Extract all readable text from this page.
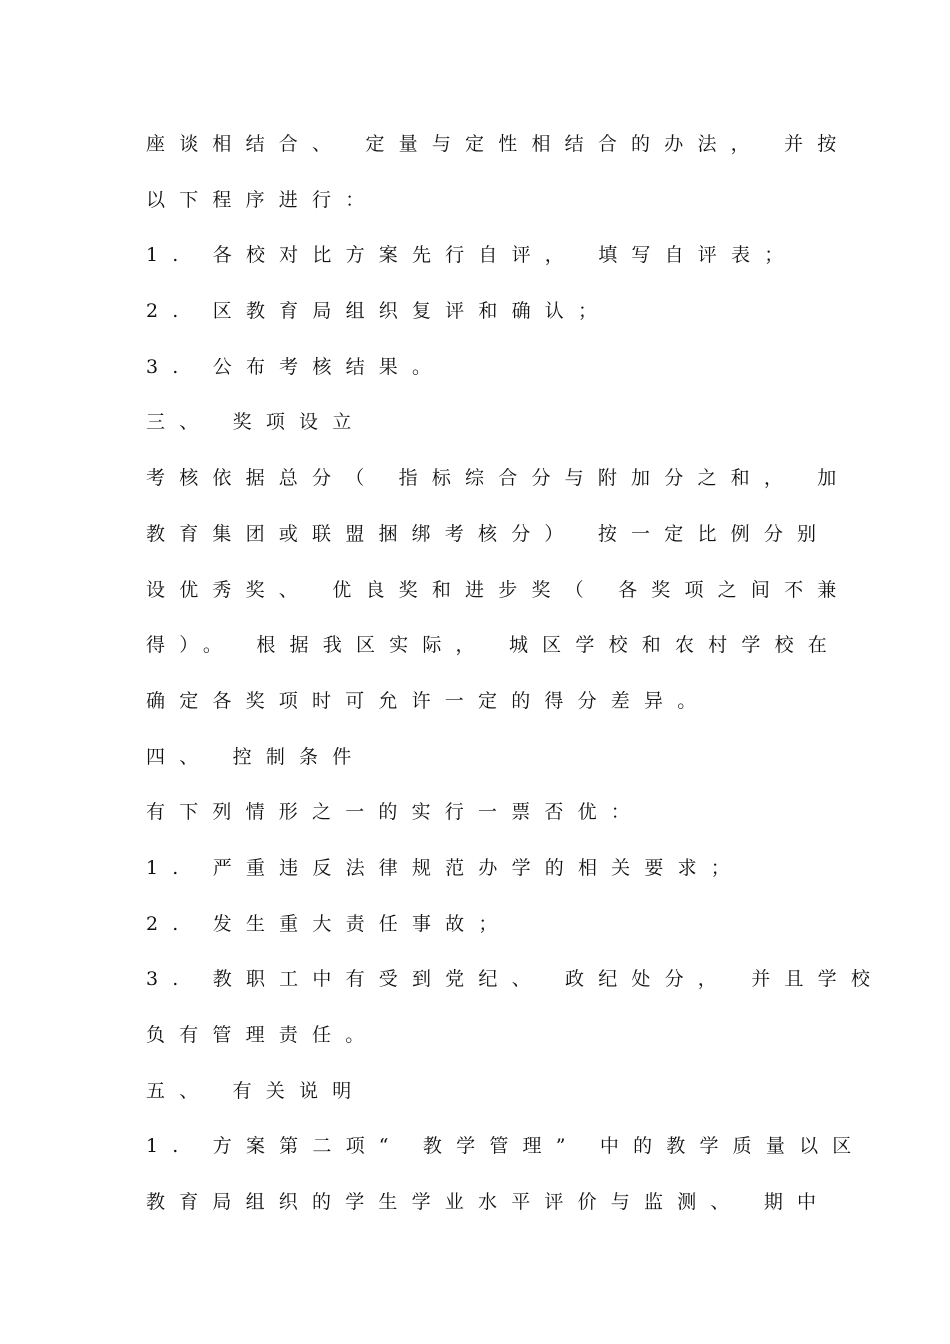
座谈相结合、 定量与定性相结合的办法， 并按
以下程序进行：
1. 各校对比方案先行自评， 填写自评表；
2. 区教育局组织复评和确认；
3. 公布考核结果。
三、 奖项设立
考核依据总分（ 指标综合分与附加分之和， 加
教育集团或联盟捆绑考核分） 按一定比例分别
设优秀奖、 优良奖和进步奖（ 各奖项之间不兼
得）。 根据我区实际， 城区学校和农村学校在
确定各奖项时可允许一定的得分差异。
四、 控制条件
有下列情形之一的实行一票否优：
1. 严重违反法律规范办学的相关要求；
2. 发生重大责任事故；
3. 教职工中有受到党纪、 政纪处分， 并且学校
负有管理责任。
五、 有关说明
1. 方案第二项“ 教学管理” 中的教学质量以区
教育局组织的学生学业水平评价与监测、 期中
